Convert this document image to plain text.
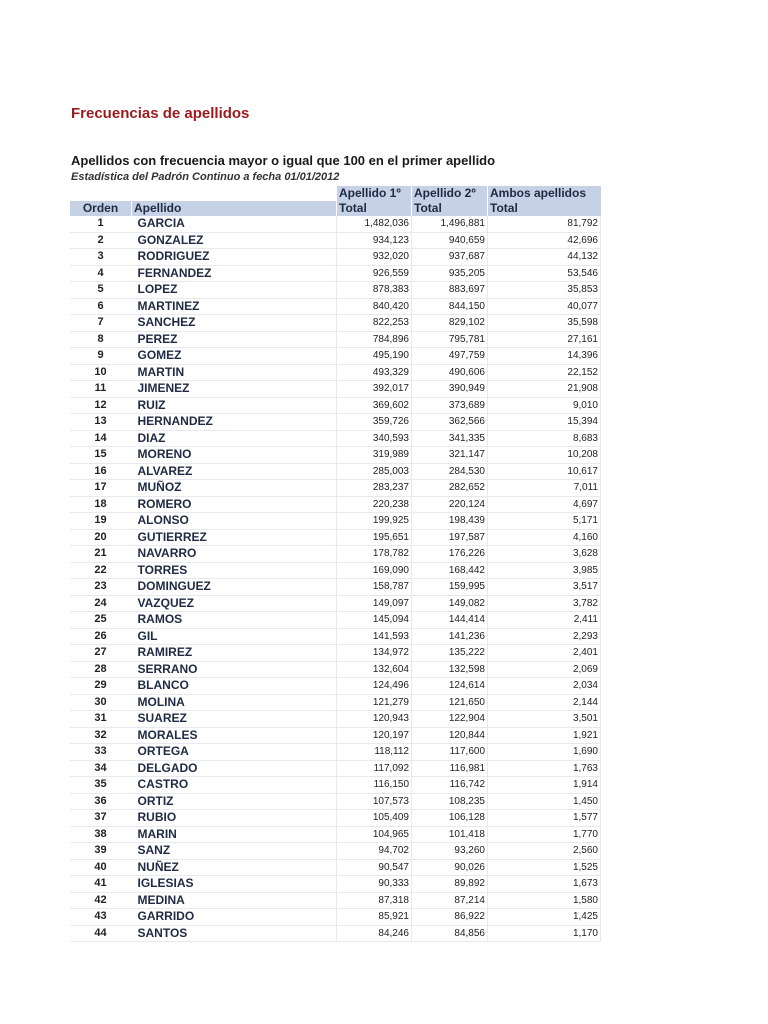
Frecuencias de apellidos
Apellidos con frecuencia mayor o igual que 100 en el primer apellido

Estadística del Padrón Continuo a fecha 01/01/2012

		Apellido 1º	Apellido 2º	Ambos apellidos
Orden	Apellido	Total	Total	Total
1	GARCIA	1,482,036	1,496,881	81,792
2	GONZALEZ	934,123	940,659	42,696
3	RODRIGUEZ	932,020	937,687	44,132
4	FERNANDEZ	926,559	935,205	53,546
5	LOPEZ	878,383	883,697	35,853
6	MARTINEZ	840,420	844,150	40,077
7	SANCHEZ	822,253	829,102	35,598
8	PEREZ	784,896	795,781	27,161
9	GOMEZ	495,190	497,759	14,396
10	MARTIN	493,329	490,606	22,152
11	JIMENEZ	392,017	390,949	21,908
12	RUIZ	369,602	373,689	9,010
13	HERNANDEZ	359,726	362,566	15,394
14	DIAZ	340,593	341,335	8,683
15	MORENO	319,989	321,147	10,208
16	ALVAREZ	285,003	284,530	10,617
17	MUÑOZ	283,237	282,652	7,011
18	ROMERO	220,238	220,124	4,697
19	ALONSO	199,925	198,439	5,171
20	GUTIERREZ	195,651	197,587	4,160
21	NAVARRO	178,782	176,226	3,628
22	TORRES	169,090	168,442	3,985
23	DOMINGUEZ	158,787	159,995	3,517
24	VAZQUEZ	149,097	149,082	3,782
25	RAMOS	145,094	144,414	2,411
26	GIL	141,593	141,236	2,293
27	RAMIREZ	134,972	135,222	2,401
28	SERRANO	132,604	132,598	2,069
29	BLANCO	124,496	124,614	2,034
30	MOLINA	121,279	121,650	2,144
31	SUAREZ	120,943	122,904	3,501
32	MORALES	120,197	120,844	1,921
33	ORTEGA	118,112	117,600	1,690
34	DELGADO	117,092	116,981	1,763
35	CASTRO	116,150	116,742	1,914
36	ORTIZ	107,573	108,235	1,450
37	RUBIO	105,409	106,128	1,577
38	MARIN	104,965	101,418	1,770
39	SANZ	94,702	93,260	2,560
40	NUÑEZ	90,547	90,026	1,525
41	IGLESIAS	90,333	89,892	1,673
42	MEDINA	87,318	87,214	1,580
43	GARRIDO	85,921	86,922	1,425
44	SANTOS	84,246	84,856	1,170
